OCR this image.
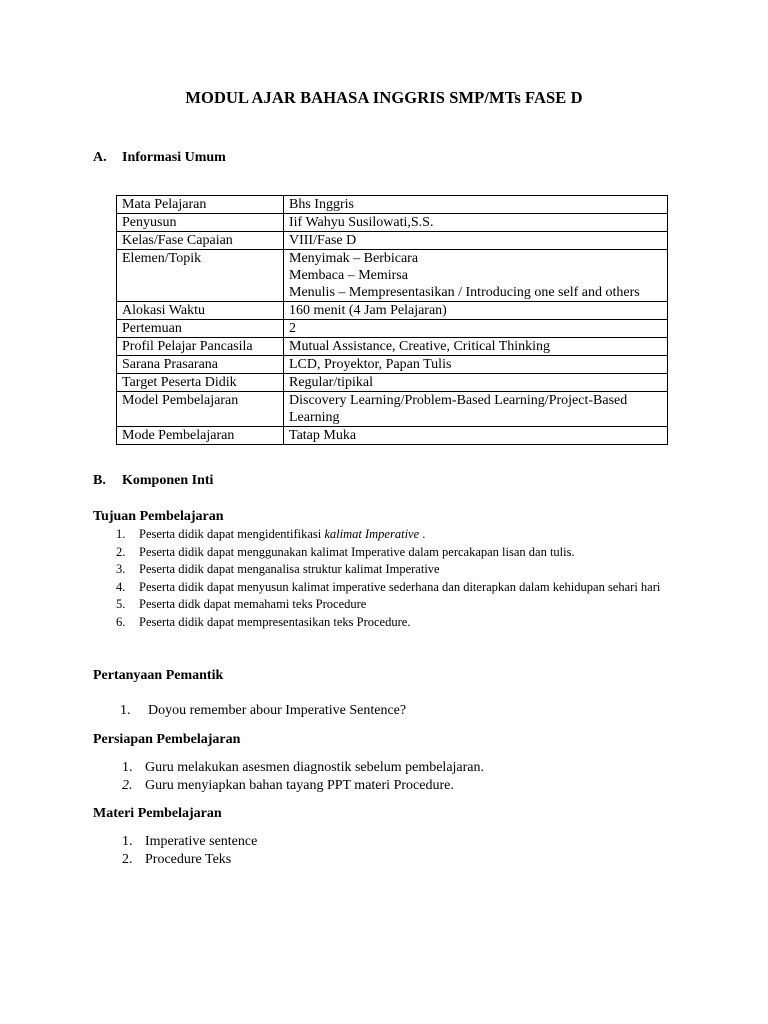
MODUL AJAR BAHASA INGGRIS SMP/MTs FASE D
A. Informasi Umum
Mata Pelajaran	Bhs Inggris
Penyusun	Iif Wahyu Susilowati,S.S.
Kelas/Fase Capaian	VIII/Fase D
Elemen/Topik	Menyimak – Berbicara
Membaca – Memirsa
Menulis – Mempresentasikan / Introducing one self and others

Alokasi Waktu	160 menit (4 Jam Pelajaran)
Pertemuan	2
Profil Pelajar Pancasila	Mutual Assistance, Creative, Critical Thinking
Sarana Prasarana	LCD, Proyektor, Papan Tulis
Target Peserta Didik	Regular/tipikal
Model Pembelajaran	Discovery Learning/Problem-Based Learning/Project-Based Learning
Mode Pembelajaran	Tatap Muka
B. Komponen Inti
Tujuan Pembelajaran
1. Peserta didik dapat mengidentifikasi kalimat Imperative .
2. Peserta didik dapat menggunakan kalimat Imperative dalam percakapan lisan dan tulis.
3. Peserta didik dapat menganalisa struktur kalimat Imperative
4. Peserta didik dapat menyusun kalimat imperative sederhana dan diterapkan dalam kehidupan sehari hari
5. Peserta didk dapat memahami teks Procedure
6. Peserta didik dapat mempresentasikan teks Procedure.
Pertanyaan Pemantik
1. Doyou remember abour Imperative Sentence?
Persiapan Pembelajaran
1. Guru melakukan asesmen diagnostik sebelum pembelajaran.
2. Guru menyiapkan bahan tayang PPT materi Procedure.
Materi Pembelajaran
1. Imperative sentence
2. Procedure Teks
